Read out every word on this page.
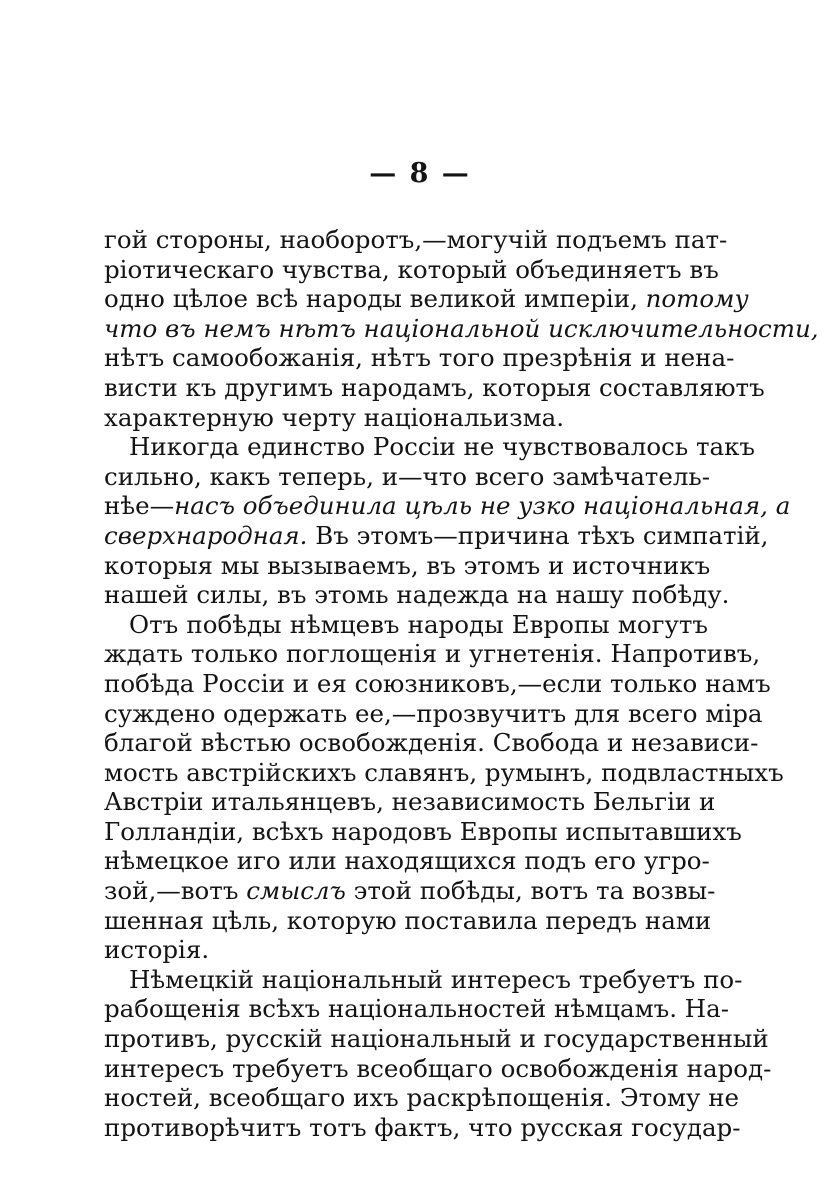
— 8 —
гой стороны, наоборотъ,—могучій подъемъ пат-
ріотическаго чувства, который объединяетъ въ
одно цѣлое всѣ народы великой имперіи, потому
что въ немъ нѣтъ національной исключительности,
нѣтъ самообожанія, нѣтъ того презрѣнія и нена-
висти къ другимъ народамъ, которыя составляютъ
характерную черту національизма.
Никогда единство Россіи не чувствовалось такъ
сильно, какъ теперь, и—что всего замѣчатель-
нѣе—насъ объединила цѣль не узко національная, а
сверхнародная. Въ этомъ—причина тѣхъ симпатій,
которыя мы вызываемъ, въ этомъ и источникъ
нашей силы, въ этомь надежда на нашу побѣду.
Отъ побѣды нѣмцевъ народы Европы могутъ
ждать только поглощенія и угнетенія. Напротивъ,
побѣда Россіи и ея союзниковъ,—если только намъ
суждено одержать ее,—прозвучитъ для всего міра
благой вѣстью освобожденія. Свобода и независи-
мость австрійскихъ славянъ, румынъ, подвластныхъ
Австріи итальянцевъ, независимость Бельгіи и
Голландіи, всѣхъ народовъ Европы испытавшихъ
нѣмецкое иго или находящихся подъ его угро-
зой,—вотъ смыслъ этой побѣды, вотъ та возвы-
шенная цѣль, которую поставила передъ нами
исторія.
Нѣмецкій національный интересъ требуетъ по-
рабощенія всѣхъ національностей нѣмцамъ. На-
противъ, русскій національный и государственный
интересъ требуетъ всеобщаго освобожденія народ-
ностей, всеобщаго ихъ раскрѣпощенія. Этому не
противорѣчитъ тотъ фактъ, что русская государ-
